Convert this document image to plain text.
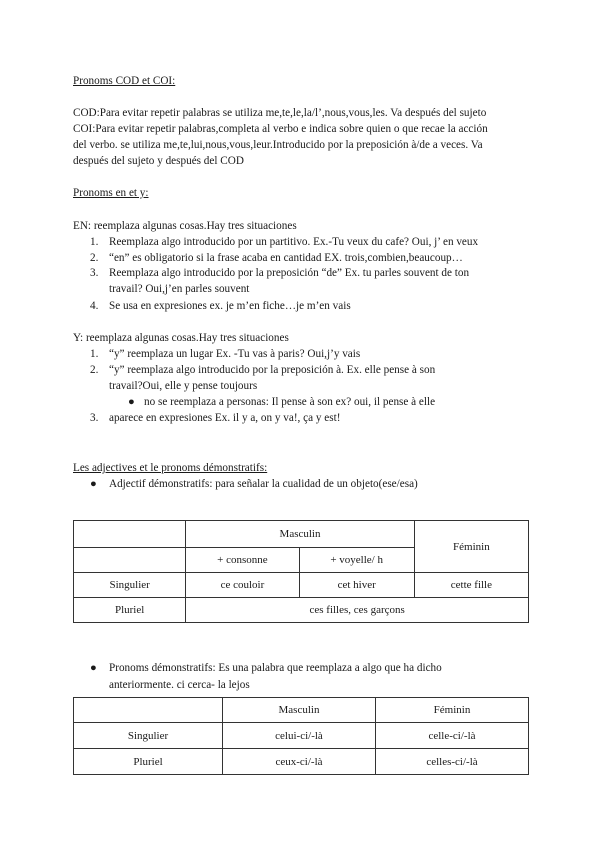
Pronoms COD et COI:
COD:Para evitar repetir palabras se utiliza me,te,le,la/l’,nous,vous,les. Va después del sujeto
COI:Para evitar repetir palabras,completa al verbo e indica sobre quien o que recae la acción
del verbo. se utiliza me,te,lui,nous,vous,leur.Introducido por la preposición à/de a veces. Va
después del sujeto y después del COD
Pronoms en et y:
EN: reemplaza algunas cosas.Hay tres situaciones
1. Reemplaza algo introducido por un partitivo. Ex.-Tu veux du cafe? Oui, j’ en veux
2. “en” es obligatorio si la frase acaba en cantidad EX. trois,combien,beaucoup…
3. Reemplaza algo introducido por la preposición “de” Ex. tu parles souvent de ton
travail? Oui,j’en parles souvent
4. Se usa en expresiones ex. je m’en fiche…je m’en vais
Y: reemplaza algunas cosas.Hay tres situaciones
1. “y” reemplaza un lugar Ex. -Tu vas à paris? Oui,j’y vais
2. “y” reemplaza algo introducido por la preposición à. Ex. elle pense à son
travail?Oui, elle y pense toujours
● no se reemplaza a personas: Il pense à son ex? oui, il pense à elle
3. aparece en expresiones Ex. il y a, on y va!, ça y est!
Les adjectives et le pronoms démonstratifs:
● Adjectif démonstratifs: para señalar la cualidad de un objeto(ese/esa)
	Masculin		Féminin
	+ consonne	+ voyelle/ h	
Singulier	ce couloir	cet hiver	cette fille
Pluriel	ces filles, ces garçons		
● Pronoms démonstratifs: Es una palabra que reemplaza a algo que ha dicho
anteriormente. ci cerca- la lejos
	Masculin	Féminin
Singulier	celui-ci/-là	celle-ci/-là
Pluriel	ceux-ci/-là	celles-ci/-là
